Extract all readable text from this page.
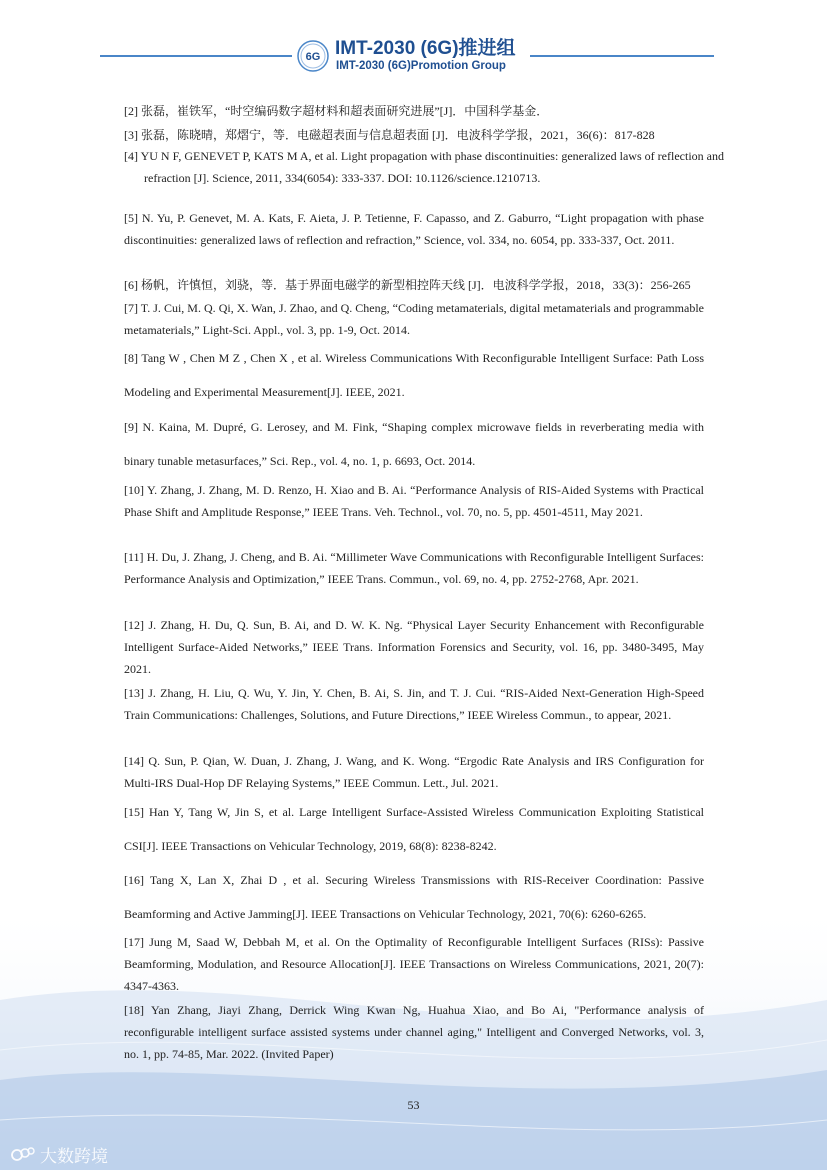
6G IMT-2030 (6G)推进组
IMT-2030 (6G)Promotion Group
[2] 张磊，崔铁军，“时空编码数字超材料和超表面研究进展”[J]．中国科学基金．
[3] 张磊，陈晓晴，郑熠宁，等．电磁超表面与信息超表面 [J]．电波科学学报，2021，36(6)：817-828
[4] YU N F, GENEVET P, KATS M A, et al. Light propagation with phase discontinuities: generalized laws of reflection and refraction [J]. Science, 2011, 334(6054): 333-337. DOI: 10.1126/science.1210713.
[5] N. Yu, P. Genevet, M. A. Kats, F. Aieta, J. P. Tetienne, F. Capasso, and Z. Gaburro, “Light propagation with phase discontinuities: generalized laws of reflection and refraction,” Science, vol. 334, no. 6054, pp. 333-337, Oct. 2011.
[6] 杨帆，许慎恒，刘骁，等．基于界面电磁学的新型相控阵天线 [J]．电波科学学报，2018，33(3)：256-265
[7] T. J. Cui, M. Q. Qi, X. Wan, J. Zhao, and Q. Cheng, “Coding metamaterials, digital metamaterials and programmable metamaterials,” Light-Sci. Appl., vol. 3, pp. 1-9, Oct. 2014.
[8] Tang W , Chen M Z , Chen X , et al. Wireless Communications With Reconfigurable Intelligent Surface: Path Loss Modeling and Experimental Measurement[J]. IEEE, 2021.
[9] N. Kaina, M. Dupré, G. Lerosey, and M. Fink, “Shaping complex microwave fields in reverberating media with binary tunable metasurfaces,” Sci. Rep., vol. 4, no. 1, p. 6693, Oct. 2014.
[10] Y. Zhang, J. Zhang, M. D. Renzo, H. Xiao and B. Ai. “Performance Analysis of RIS-Aided Systems with Practical Phase Shift and Amplitude Response,” IEEE Trans. Veh. Technol., vol. 70, no. 5, pp. 4501-4511, May 2021.
[11] H. Du, J. Zhang, J. Cheng, and B. Ai. “Millimeter Wave Communications with Reconfigurable Intelligent Surfaces: Performance Analysis and Optimization,” IEEE Trans. Commun., vol. 69, no. 4, pp. 2752-2768, Apr. 2021.
[12] J. Zhang, H. Du, Q. Sun, B. Ai, and D. W. K. Ng. “Physical Layer Security Enhancement with Reconfigurable Intelligent Surface-Aided Networks,” IEEE Trans. Information Forensics and Security, vol. 16, pp. 3480-3495, May 2021.
[13] J. Zhang, H. Liu, Q. Wu, Y. Jin, Y. Chen, B. Ai, S. Jin, and T. J. Cui. “RIS-Aided Next-Generation High-Speed Train Communications: Challenges, Solutions, and Future Directions,” IEEE Wireless Commun., to appear, 2021.
[14] Q. Sun, P. Qian, W. Duan, J. Zhang, J. Wang, and K. Wong. “Ergodic Rate Analysis and IRS Configuration for Multi-IRS Dual-Hop DF Relaying Systems,” IEEE Commun. Lett., Jul. 2021.
[15] Han Y, Tang W, Jin S, et al. Large Intelligent Surface-Assisted Wireless Communication Exploiting Statistical CSI[J]. IEEE Transactions on Vehicular Technology, 2019, 68(8): 8238-8242.
[16] Tang X, Lan X, Zhai D , et al. Securing Wireless Transmissions with RIS-Receiver Coordination: Passive Beamforming and Active Jamming[J]. IEEE Transactions on Vehicular Technology, 2021, 70(6): 6260-6265.
[17] Jung M, Saad W, Debbah M, et al. On the Optimality of Reconfigurable Intelligent Surfaces (RISs): Passive Beamforming, Modulation, and Resource Allocation[J]. IEEE Transactions on Wireless Communications, 2021, 20(7): 4347-4363.
[18] Yan Zhang, Jiayi Zhang, Derrick Wing Kwan Ng, Huahua Xiao, and Bo Ai, "Performance analysis of reconfigurable intelligent surface assisted systems under channel aging," Intelligent and Converged Networks, vol. 3, no. 1, pp. 74-85, Mar. 2022. (Invited Paper)
53
大数跨境
